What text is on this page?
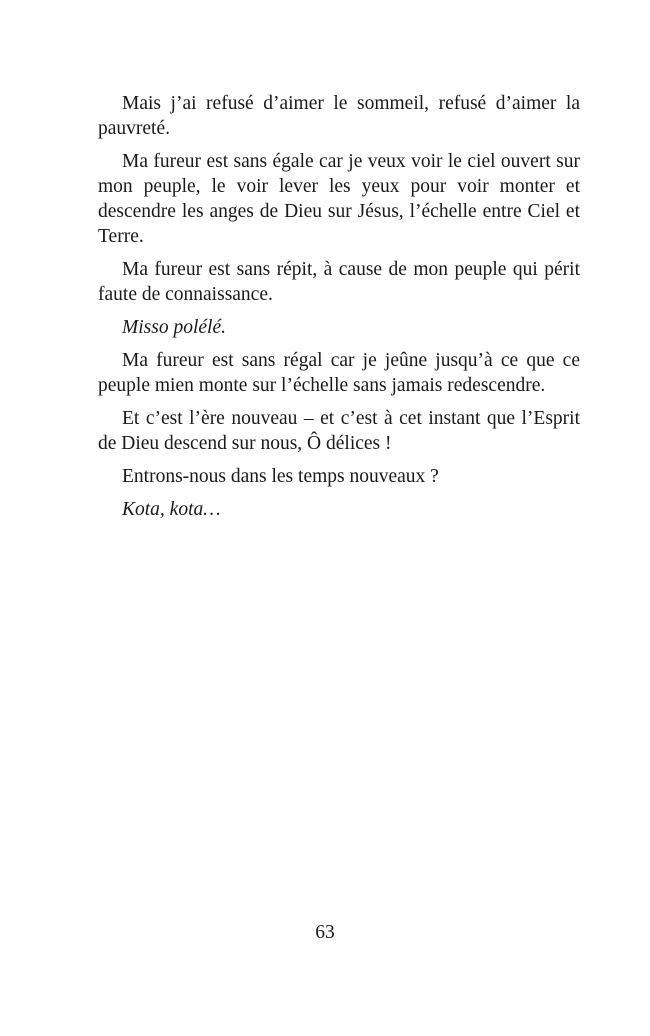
Mais j’ai refusé d’aimer le sommeil, refusé d’aimer la pauvreté.

Ma fureur est sans égale car je veux voir le ciel ouvert sur mon peuple, le voir lever les yeux pour voir monter et descendre les anges de Dieu sur Jésus, l’échelle entre Ciel et Terre.

Ma fureur est sans répit, à cause de mon peuple qui périt faute de connaissance.

Misso polélé.

Ma fureur est sans régal car je jeûne jusqu’à ce que ce peuple mien monte sur l’échelle sans jamais redescendre.

Et c’est l’ère nouveau – et c’est à cet instant que l’Esprit de Dieu descend sur nous, Ô délices !

Entrons-nous dans les temps nouveaux ?

Kota, kota…

63
